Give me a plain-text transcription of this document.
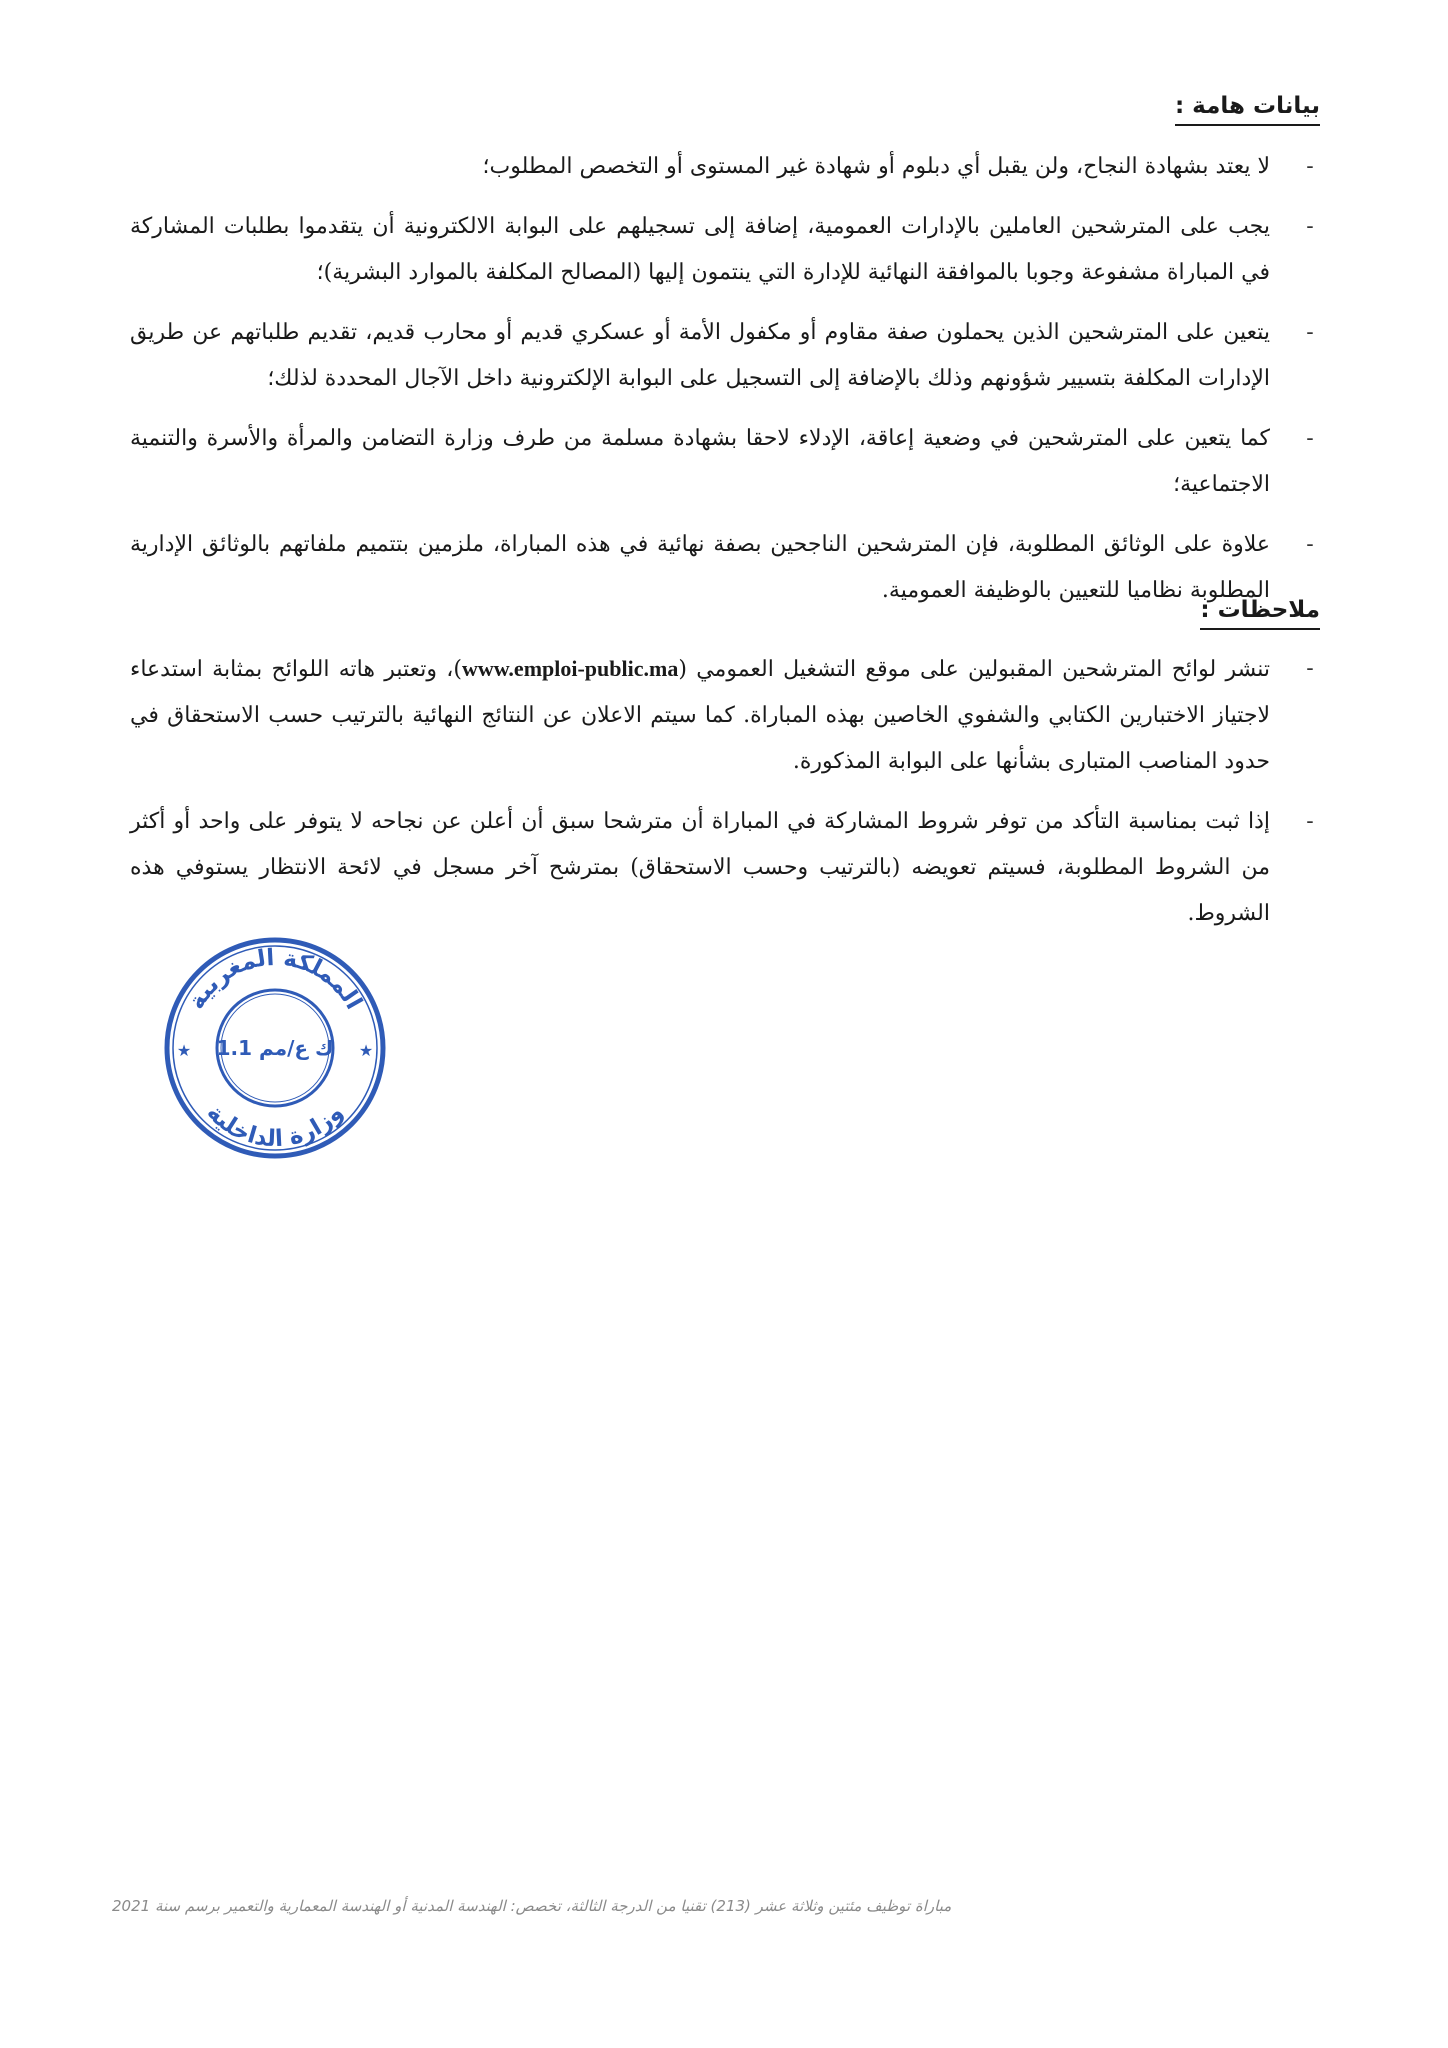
بيانات هامة :
-
لا يعتد بشهادة النجاح، ولن يقبل أي دبلوم أو شهادة غير المستوى أو التخصص المطلوب؛
-
يجب على المترشحين العاملين بالإدارات العمومية، إضافة إلى تسجيلهم على البوابة الالكترونية أن يتقدموا بطلبات المشاركة في المباراة مشفوعة وجوبا بالموافقة النهائية للإدارة التي ينتمون إليها (المصالح المكلفة بالموارد البشرية)؛
-
يتعين على المترشحين الذين يحملون صفة مقاوم أو مكفول الأمة أو عسكري قديم أو محارب قديم، تقديم طلباتهم عن طريق الإدارات المكلفة بتسيير شؤونهم وذلك بالإضافة إلى التسجيل على البوابة الإلكترونية داخل الآجال المحددة لذلك؛
-
كما يتعين على المترشحين في وضعية إعاقة، الإدلاء لاحقا بشهادة مسلمة من طرف وزارة التضامن والمرأة والأسرة والتنمية الاجتماعية؛
-
علاوة على الوثائق المطلوبة، فإن المترشحين الناجحين بصفة نهائية في هذه المباراة، ملزمين بتتميم ملفاتهم بالوثائق الإدارية المطلوبة نظاميا للتعيين بالوظيفة العمومية.
ملاحظات :
-
تنشر لوائح المترشحين المقبولين على موقع التشغيل العمومي (www.emploi-public.ma)، وتعتبر هاته اللوائح بمثابة استدعاء لاجتياز الاختبارين الكتابي والشفوي الخاصين بهذه المباراة. كما سيتم الاعلان عن النتائج النهائية بالترتيب حسب الاستحقاق في حدود المناصب المتبارى بشأنها على البوابة المذكورة.
-
إذا ثبت بمناسبة التأكد من توفر شروط المشاركة في المباراة أن مترشحا سبق أن أعلن عن نجاحه لا يتوفر على واحد أو أكثر من الشروط المطلوبة، فسيتم تعويضه (بالترتيب وحسب الاستحقاق) بمترشح آخر مسجل في لائحة الانتظار يستوفي هذه الشروط.
المملكة المغربية
وزارة الداخلية
ك ع/مم 1.1
★	★
مباراة توظيف مئتين وثلاثة عشر (213) تقنيا من الدرجة الثالثة، تخصص: الهندسة المدنية أو الهندسة المعمارية والتعمير برسم سنة 2021
